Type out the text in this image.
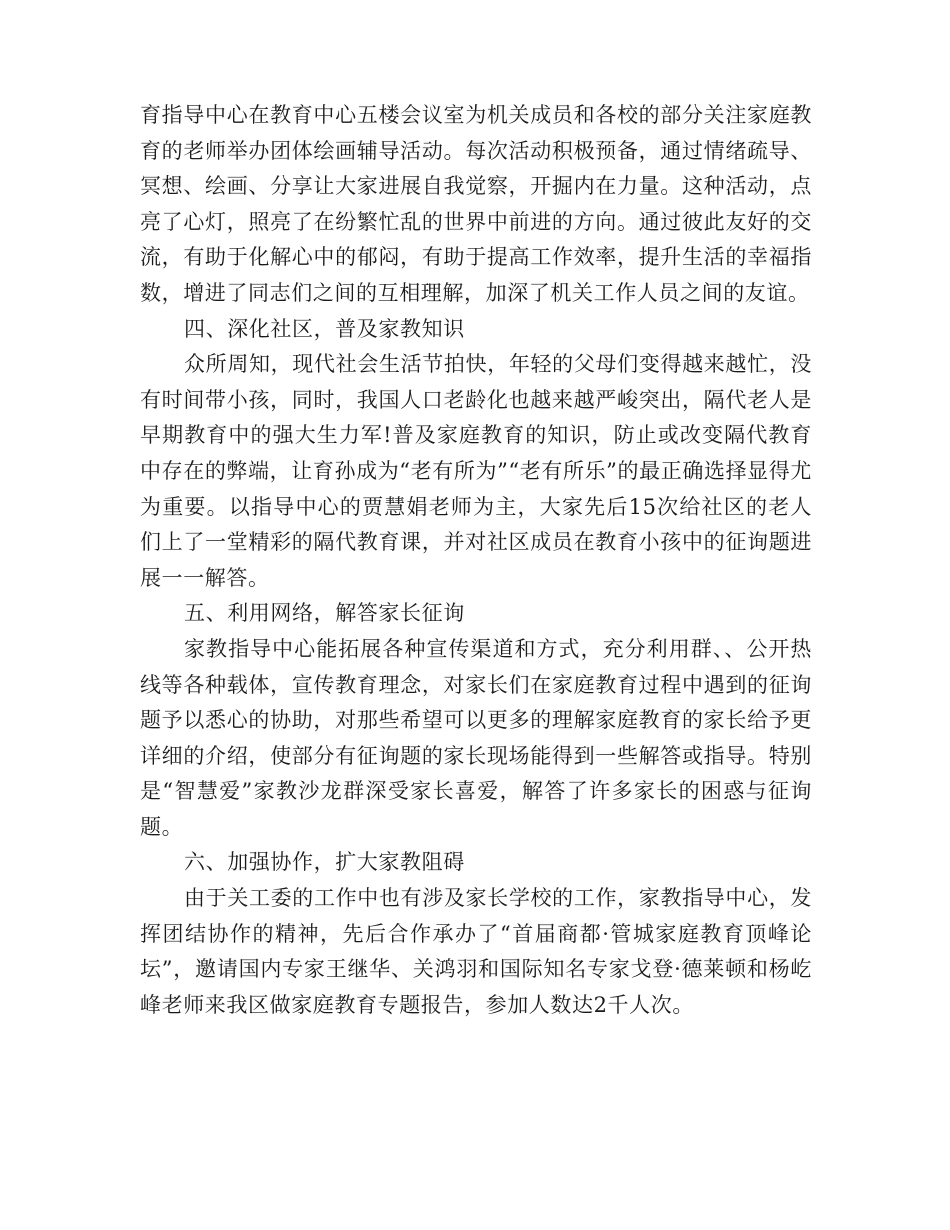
育指导中心在教育中心五楼会议室为机关成员和各校的部分关注家庭教育的老师举办团体绘画辅导活动。每次活动积极预备，通过情绪疏导、冥想、绘画、分享让大家进展自我觉察，开掘内在力量。这种活动，点亮了心灯，照亮了在纷繁忙乱的世界中前进的方向。通过彼此友好的交流，有助于化解心中的郁闷，有助于提高工作效率，提升生活的幸福指数，增进了同志们之间的互相理解，加深了机关工作人员之间的友谊。

四、深化社区，普及家教知识

众所周知，现代社会生活节拍快，年轻的父母们变得越来越忙，没有时间带小孩，同时，我国人口老龄化也越来越严峻突出，隔代老人是早期教育中的强大生力军!普及家庭教育的知识，防止或改变隔代教育中存在的弊端，让育孙成为“老有所为”“老有所乐”的最正确选择显得尤为重要。以指导中心的贾慧娟老师为主，大家先后15次给社区的老人们上了一堂精彩的隔代教育课，并对社区成员在教育小孩中的征询题进展一一解答。

五、利用网络，解答家长征询

家教指导中心能拓展各种宣传渠道和方式，充分利用群、、公开热线等各种载体，宣传教育理念，对家长们在家庭教育过程中遇到的征询题予以悉心的协助，对那些希望可以更多的理解家庭教育的家长给予更详细的介绍，使部分有征询题的家长现场能得到一些解答或指导。特别是“智慧爱”家教沙龙群深受家长喜爱，解答了许多家长的困惑与征询题。

六、加强协作，扩大家教阻碍

由于关工委的工作中也有涉及家长学校的工作，家教指导中心，发挥团结协作的精神，先后合作承办了“首届商都·管城家庭教育顶峰论坛”，邀请国内专家王继华、关鸿羽和国际知名专家戈登·德莱顿和杨屹峰老师来我区做家庭教育专题报告，参加人数达2千人次。
